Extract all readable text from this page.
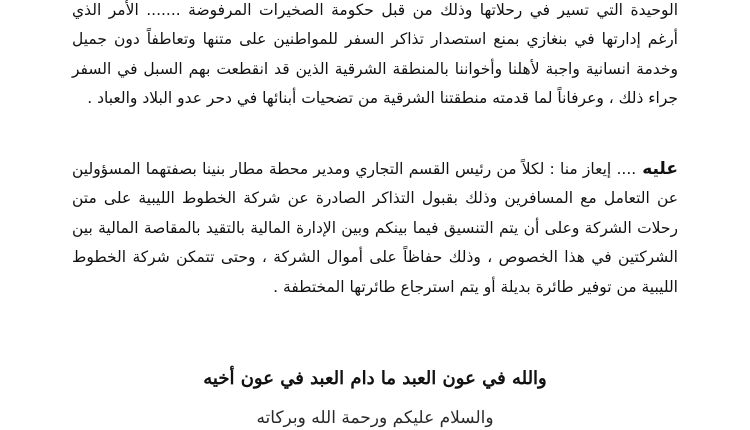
الوحيدة التي تسير في رحلاتها وذلك من قبل حكومة الصخيرات المرفوضة ....... الأمر الذي أرغم إدارتها في بنغازي بمنع استصدار تذاكر السفر للمواطنين على متنها وتعاطفاً دون جميل وخدمة انسانية واجبة لأهلنا وأخواننا بالمنطقة الشرقية الذين قد انقطعت بهم السبل في السفر جراء ذلك ، وعرفاناً لما قدمته منطقتنا الشرقية من تضحيات أبنائها في دحر عدو البلاد والعباد .

عليه.... إيعاز منا : لكلاً من رئيس القسم التجاري ومدير محطة مطار بنينا بصفتهما المسؤولين عن التعامل مع المسافرين وذلك بقبول التذاكر الصادرة عن شركة الخطوط الليبية على متن رحلات الشركة وعلى أن يتم التنسيق فيما بينكم وبين الإدارة المالية بالتقيد بالمقاصة المالية بين الشركتين في هذا الخصوص ، وذلك حفاظاً على أموال الشركة ، وحتى تتمكن شركة الخطوط الليبية من توفير طائرة بديلة أو يتم استرجاع طائرتها المختطفة .

والله في عون العبد ما دام العبد في عون أخيه
والسلام عليكم ورحمة الله وبركاته
